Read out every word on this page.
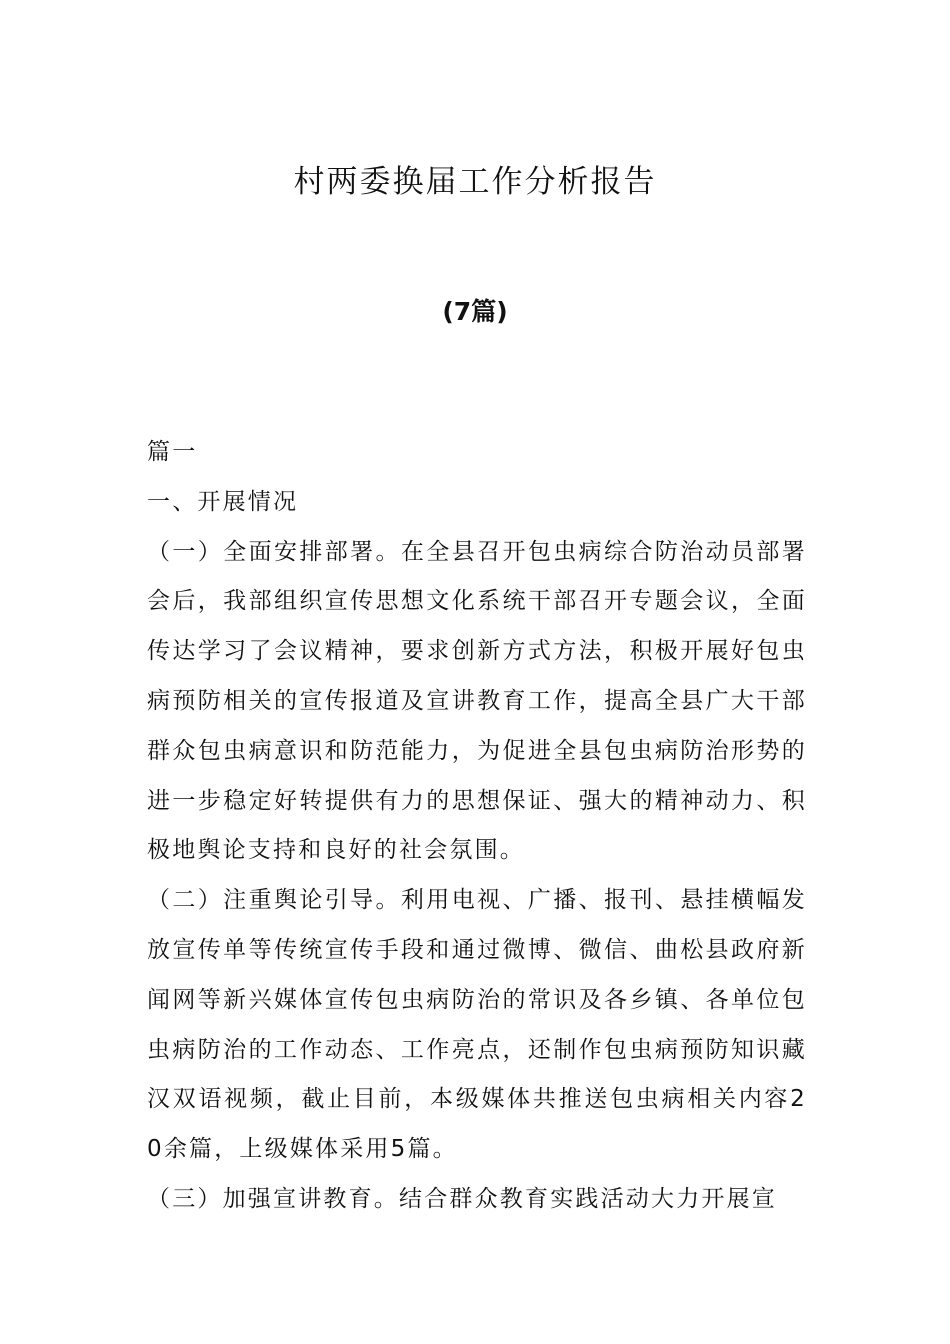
村两委换届工作分析报告
(7篇)

篇一

一、开展情况

（一）全面安排部署。在全县召开包虫病综合防治动员部署会后，我部组织宣传思想文化系统干部召开专题会议，全面传达学习了会议精神，要求创新方式方法，积极开展好包虫病预防相关的宣传报道及宣讲教育工作，提高全县广大干部群众包虫病意识和防范能力，为促进全县包虫病防治形势的进一步稳定好转提供有力的思想保证、强大的精神动力、积极地舆论支持和良好的社会氛围。

（二）注重舆论引导。利用电视、广播、报刊、悬挂横幅发放宣传单等传统宣传手段和通过微博、微信、曲松县政府新闻网等新兴媒体宣传包虫病防治的常识及各乡镇、各单位包虫病防治的工作动态、工作亮点，还制作包虫病预防知识藏汉双语视频，截止目前，本级媒体共推送包虫病相关内容20余篇，上级媒体采用5篇。

（三）加强宣讲教育。结合群众教育实践活动大力开展宣
